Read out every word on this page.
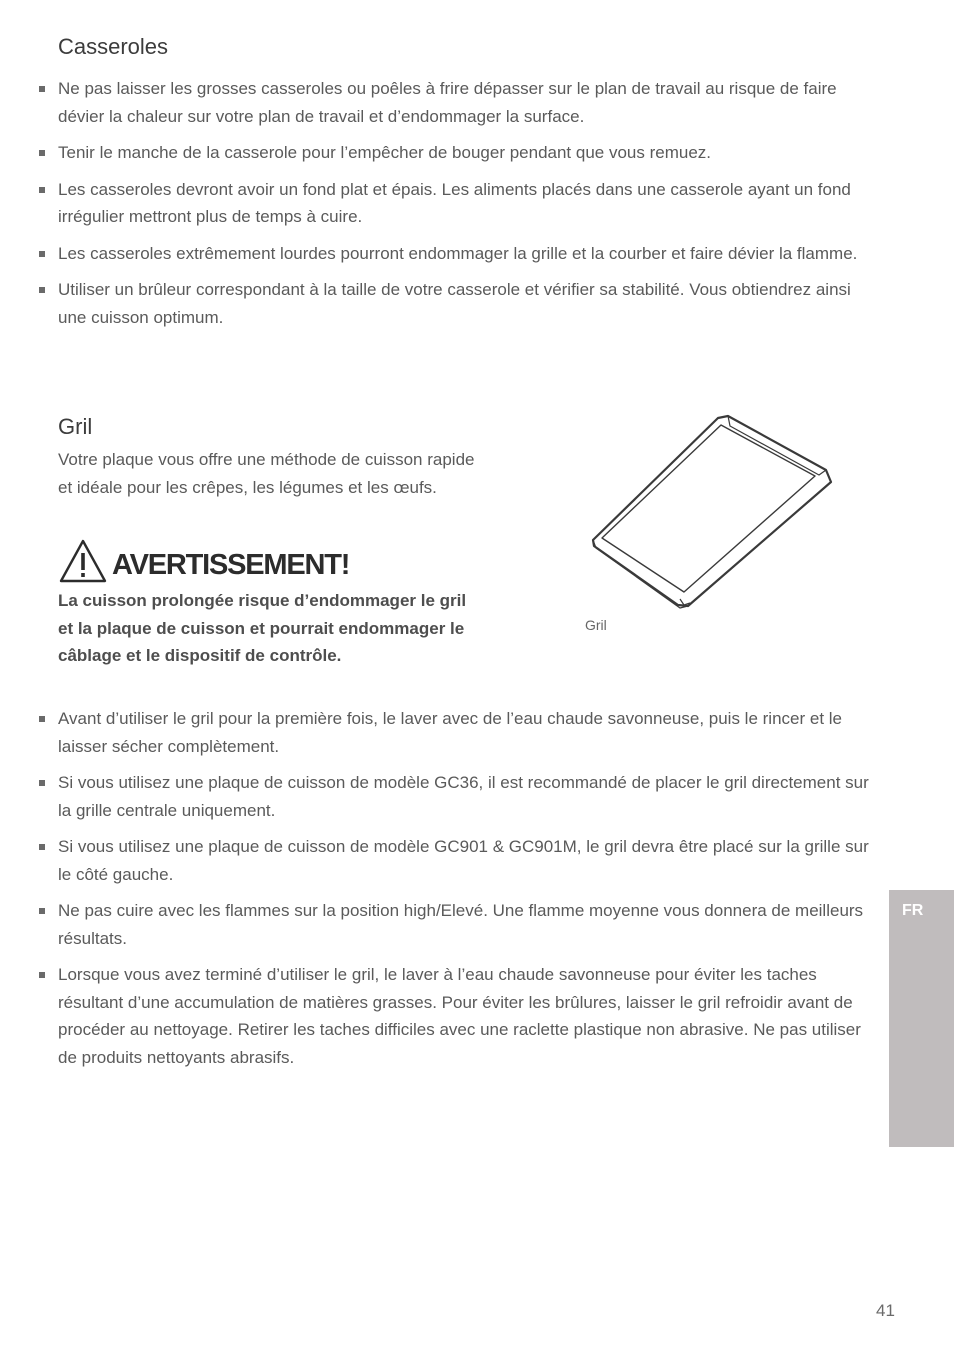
Casseroles
Ne pas laisser les grosses casseroles ou poêles à frire dépasser sur le plan de travail au risque de faire dévier la chaleur sur votre plan de travail et d’endommager la surface.
Tenir le manche de la casserole pour l’empêcher de bouger pendant que vous remuez.
Les casseroles devront avoir un fond plat et épais. Les aliments placés dans une casserole ayant un fond irrégulier mettront plus de temps à cuire.
Les casseroles extrêmement lourdes pourront endommager la grille et la courber et faire dévier la flamme.
Utiliser un brûleur correspondant à la taille de votre casserole et vérifier sa stabilité. Vous obtiendrez ainsi une cuisson optimum.
Gril

Votre plaque vous offre une méthode de cuisson rapide et idéale pour les crêpes, les légumes et les œufs.

AVERTISSEMENT!

La cuisson prolongée risque d’endommager le gril et la plaque de cuisson et pourrait endommager le câblage et le dispositif de contrôle.

Gril
Avant d’utiliser le gril pour la première fois, le laver avec de l’eau chaude savonneuse, puis le rincer et le laisser sécher complètement.
Si vous utilisez une plaque de cuisson de modèle GC36, il est recommandé de placer le gril directement sur la grille centrale uniquement.
Si vous utilisez une plaque de cuisson de modèle GC901 & GC901M, le gril devra être placé sur la grille sur le côté gauche.
Ne pas cuire avec les flammes sur la position high/Elevé. Une flamme moyenne vous donnera de meilleurs résultats.
Lorsque vous avez terminé d’utiliser le gril, le laver à l’eau chaude savonneuse pour éviter les taches résultant d’une accumulation de matières grasses. Pour éviter les brûlures, laisser le gril refroidir avant de procéder au nettoyage. Retirer les taches difficiles avec une raclette plastique non abrasive. Ne pas utiliser de produits nettoyants abrasifs.
FR
41
